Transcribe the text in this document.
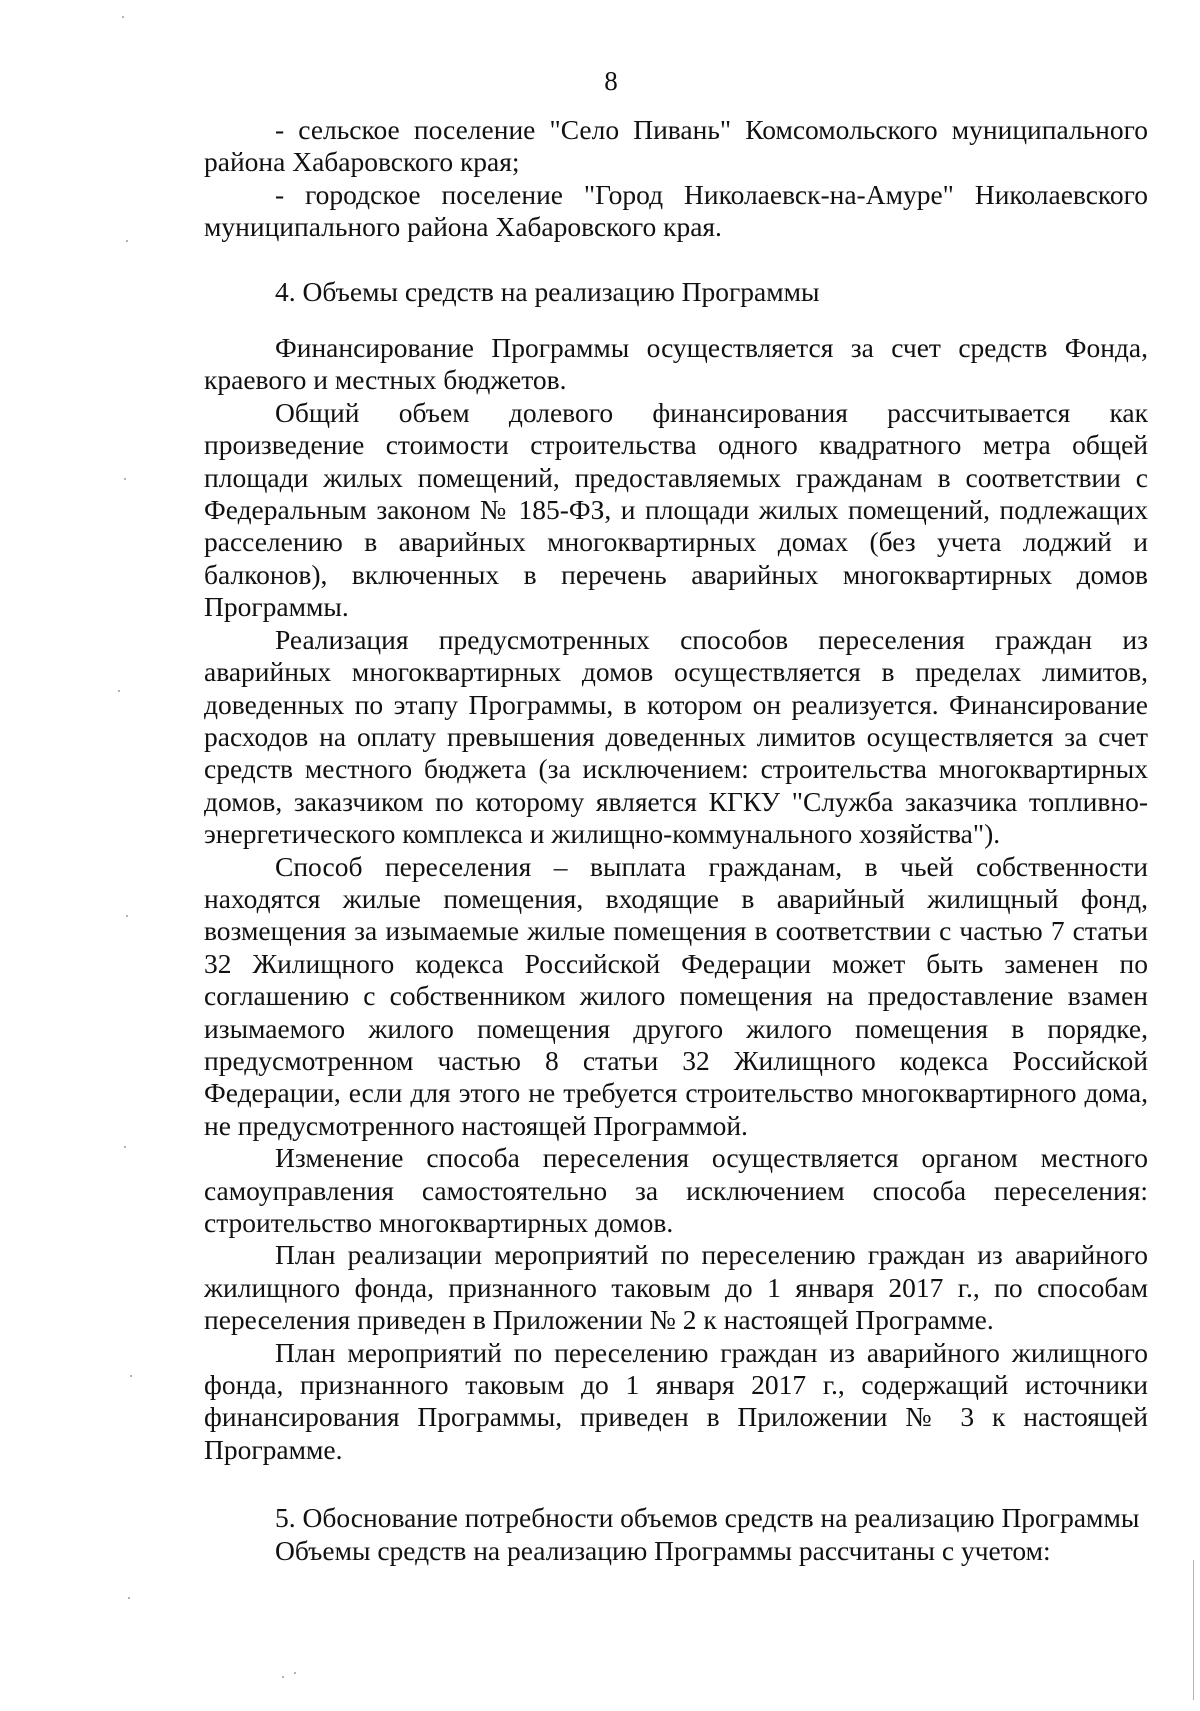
8

- сельское поселение "Село Пивань" Комсомольского муниципального района Хабаровского края;

- городское поселение "Город Николаевск-на-Амуре" Николаевского муниципального района Хабаровского края.

4. Объемы средств на реализацию Программы

Финансирование Программы осуществляется за счет средств Фонда, краевого и местных бюджетов.

Общий объем долевого финансирования рассчитывается как произведение стоимости строительства одного квадратного метра общей площади жилых помещений, предоставляемых гражданам в соответствии с Федеральным законом № 185-ФЗ, и площади жилых помещений, подлежащих расселению в аварийных многоквартирных домах (без учета лоджий и балконов), включенных в перечень аварийных многоквартирных домов Программы.

Реализация предусмотренных способов переселения граждан из аварийных многоквартирных домов осуществляется в пределах лимитов, доведенных по этапу Программы, в котором он реализуется. Финансирование расходов на оплату превышения доведенных лимитов осуществляется за счет средств местного бюджета (за исключением: строительства многоквартирных домов, заказчиком по которому является КГКУ "Служба заказчика топливно-энергетического комплекса и жилищно-коммунального хозяйства").

Способ переселения – выплата гражданам, в чьей собственности находятся жилые помещения, входящие в аварийный жилищный фонд, возмещения за изымаемые жилые помещения в соответствии с частью 7 статьи 32 Жилищного кодекса Российской Федерации может быть заменен по соглашению с собственником жилого помещения на предоставление взамен изымаемого жилого помещения другого жилого помещения в порядке, предусмотренном частью 8 статьи 32 Жилищного кодекса Российской Федерации, если для этого не требуется строительство многоквартирного дома, не предусмотренного настоящей Программой.

Изменение способа переселения осуществляется органом местного самоуправления самостоятельно за исключением способа переселения: строительство многоквартирных домов.

План реализации мероприятий по переселению граждан из аварийного жилищного фонда, признанного таковым до 1 января 2017 г., по способам переселения приведен в Приложении № 2 к настоящей Программе.

План мероприятий по переселению граждан из аварийного жилищного фонда, признанного таковым до 1 января 2017 г., содержащий источники финансирования Программы, приведен в Приложении № 3 к настоящей Программе.

5. Обоснование потребности объемов средств на реализацию Программы

Объемы средств на реализацию Программы рассчитаны с учетом:
